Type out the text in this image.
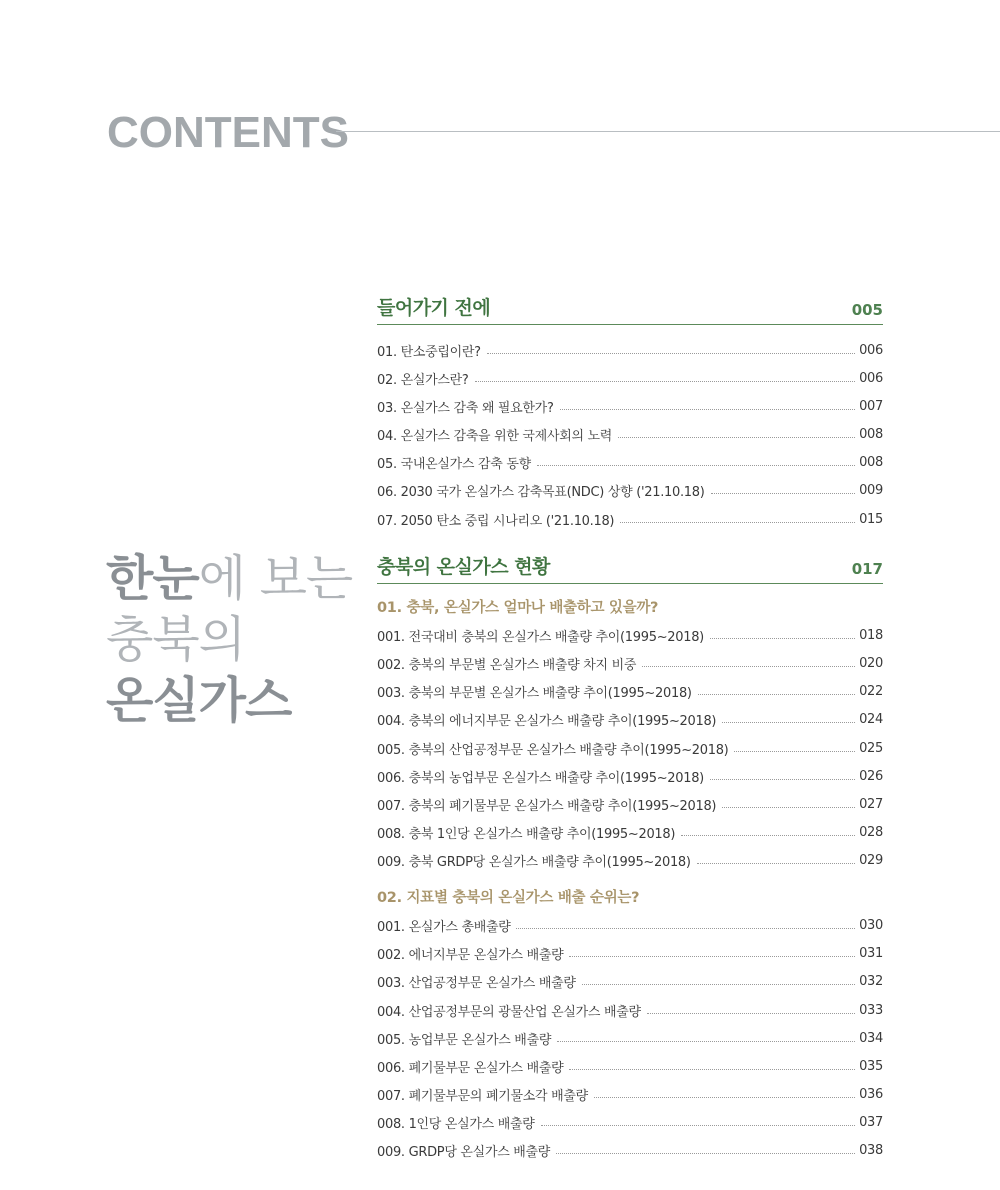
CONTENTS
한눈에 보는
충북의
온실가스
들어가기 전에	005
01. 탄소중립이란?	006
02. 온실가스란?	006
03. 온실가스 감축 왜 필요한가?	007
04. 온실가스 감축을 위한 국제사회의 노력	008
05. 국내온실가스 감축 동향	008
06. 2030 국가 온실가스 감축목표(NDC) 상향 ('21.10.18)	009
07. 2050 탄소 중립 시나리오 ('21.10.18)	015
충북의 온실가스 현황	017
01. 충북, 온실가스 얼마나 배출하고 있을까?
001. 전국대비 충북의 온실가스 배출량 추이(1995~2018)	018
002. 충북의 부문별 온실가스 배출량 차지 비중	020
003. 충북의 부문별 온실가스 배출량 추이(1995~2018)	022
004. 충북의 에너지부문 온실가스 배출량 추이(1995~2018)	024
005. 충북의 산업공정부문 온실가스 배출량 추이(1995~2018)	025
006. 충북의 농업부문 온실가스 배출량 추이(1995~2018)	026
007. 충북의 폐기물부문 온실가스 배출량 추이(1995~2018)	027
008. 충북 1인당 온실가스 배출량 추이(1995~2018)	028
009. 충북 GRDP당 온실가스 배출량 추이(1995~2018)	029
02. 지표별 충북의 온실가스 배출 순위는?
001. 온실가스 총배출량	030
002. 에너지부문 온실가스 배출량	031
003. 산업공정부문 온실가스 배출량	032
004. 산업공정부문의 광물산업 온실가스 배출량	033
005. 농업부문 온실가스 배출량	034
006. 폐기물부문 온실가스 배출량	035
007. 폐기물부문의 폐기물소각 배출량	036
008. 1인당 온실가스 배출량	037
009. GRDP당 온실가스 배출량	038
